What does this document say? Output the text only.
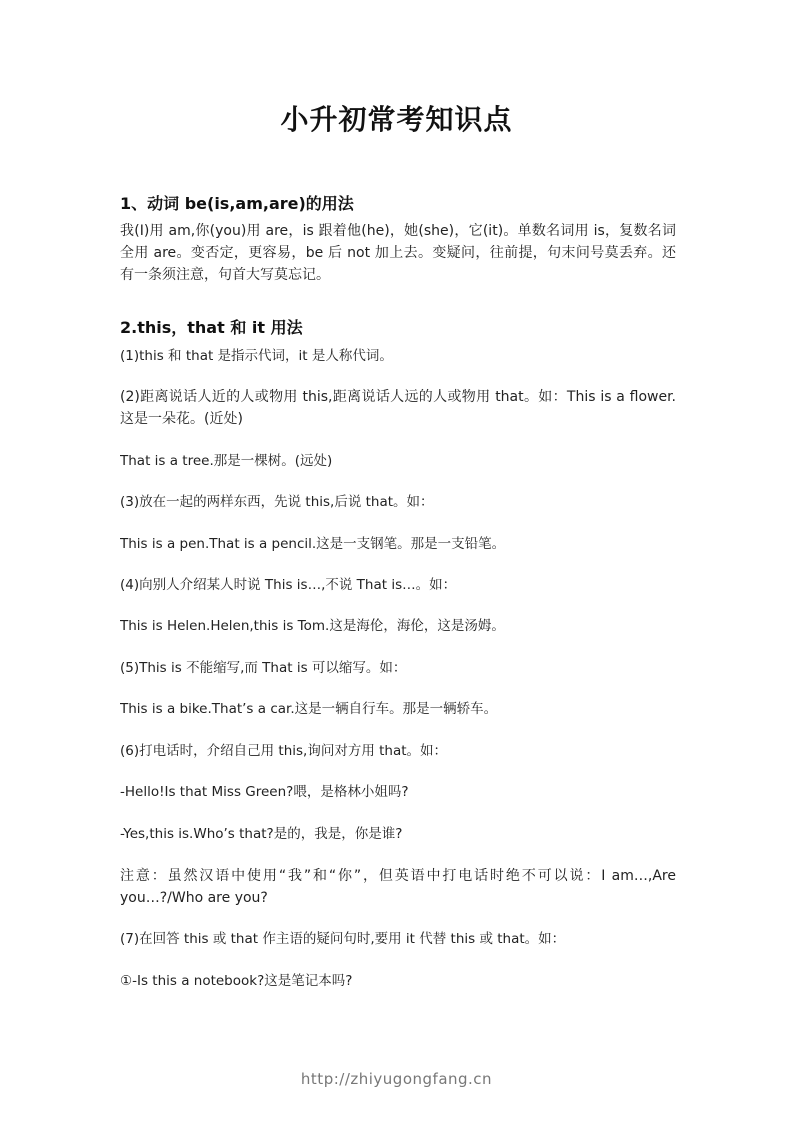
小升初常考知识点
1、动词 be(is,am,are)的用法
我(I)用 am,你(you)用 are，is 跟着他(he)，她(she)，它(it)。单数名词用 is，复数名词全用 are。变否定，更容易，be 后 not 加上去。变疑问，往前提，句末问号莫丢弃。还有一条须注意，句首大写莫忘记。
2.this，that 和 it 用法
(1)this 和 that 是指示代词，it 是人称代词。
(2)距离说话人近的人或物用 this,距离说话人远的人或物用 that。如：This is a flower.这是一朵花。(近处)
That is a tree.那是一棵树。(远处)
(3)放在一起的两样东西，先说 this,后说 that。如：
This is a pen.That is a pencil.这是一支钢笔。那是一支铅笔。
(4)向别人介绍某人时说 This is…,不说 That is…。如：
This is Helen.Helen,this is Tom.这是海伦，海伦，这是汤姆。
(5)This is 不能缩写,而 That is 可以缩写。如：
This is a bike.That’s a car.这是一辆自行车。那是一辆轿车。
(6)打电话时，介绍自己用 this,询问对方用 that。如：
-Hello!Is that Miss Green?喂，是格林小姐吗?
-Yes,this is.Who’s that?是的，我是，你是谁?
注意：虽然汉语中使用“我”和“你”，但英语中打电话时绝不可以说：I am…,Are you…?/Who are you?
(7)在回答 this 或 that 作主语的疑问句时,要用 it 代替 this 或 that。如：
①-Is this a notebook?这是笔记本吗?
http://zhiyugongfang.cn
